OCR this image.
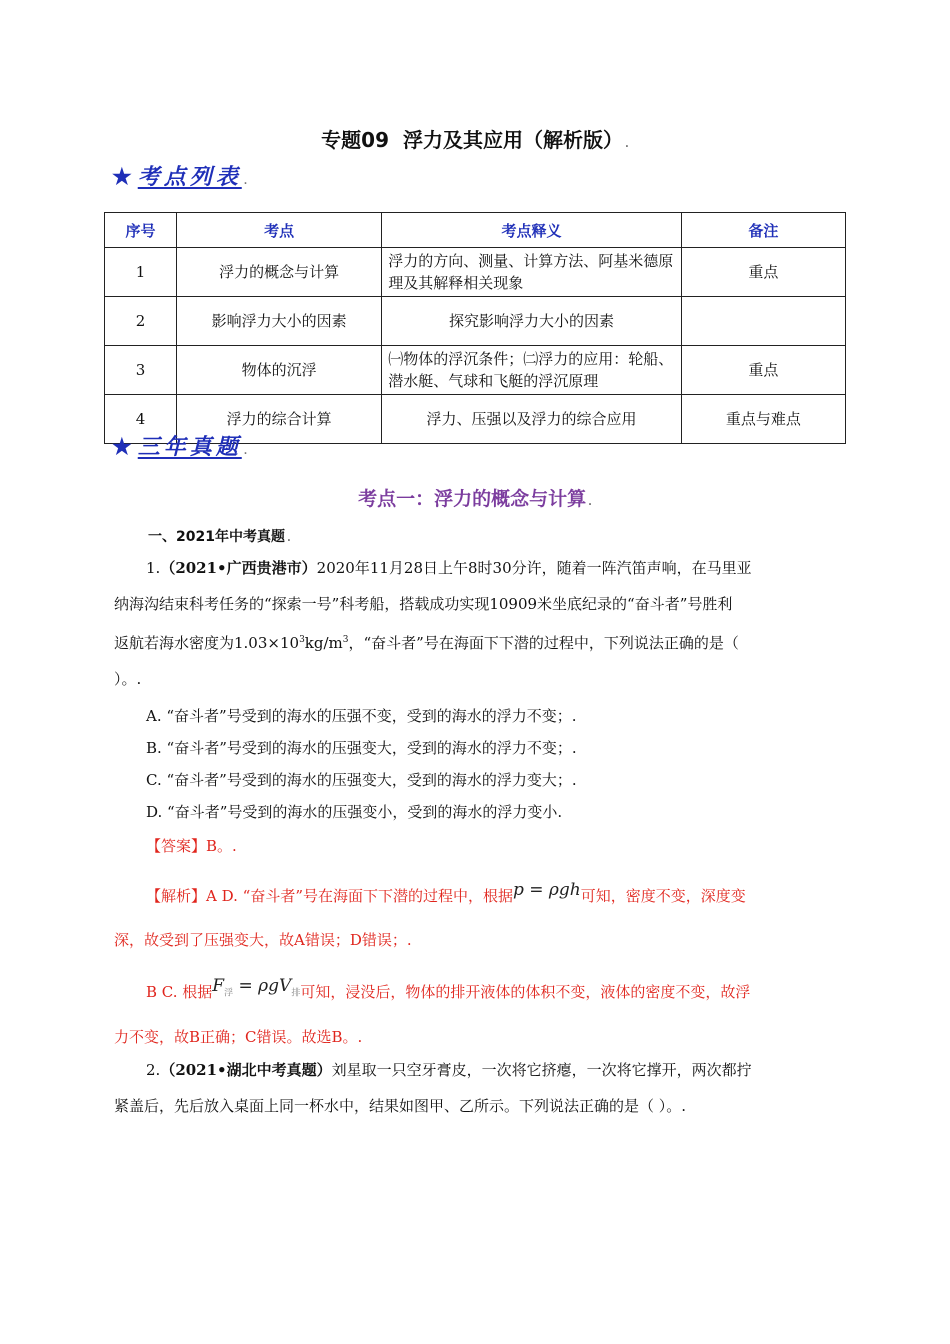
专题09 浮力及其应用（解析版） .
★考点列表 .
序号	考点	考点释义	备注
1	浮力的概念与计算	浮力的方向、测量、计算方法、阿基米德原理及其解释相关现象	重点
2	影响浮力大小的因素	探究影响浮力大小的因素	
3	物体的沉浮	㈠物体的浮沉条件；㈡浮力的应用：轮船、潜水艇、气球和飞艇的浮沉原理	重点
4	浮力的综合计算	浮力、压强以及浮力的综合应用	重点与难点
★三年真题 .
考点一：浮力的概念与计算 .
一、2021年中考真题 .
1.（2021•广西贵港市）2020年11月28日上午8时30分许，随着一阵汽笛声响，在马里亚
纳海沟结束科考任务的“探索一号”科考船，搭载成功实现10909米坐底纪录的“奋斗者”号胜利
返航若海水密度为$1.03\times 10^3kg/m^3$，“奋斗者”号在海面下下潜的过程中，下列说法正确的是（
）。.
A. “奋斗者”号受到的海水的压强不变，受到的海水的浮力不变；.
B. “奋斗者”号受到的海水的压强变大，受到的海水的浮力不变；.
C. “奋斗者”号受到的海水的压强变大，受到的海水的浮力变大；.
D. “奋斗者”号受到的海水的压强变小，受到的海水的浮力变小.
【答案】B。.
【解析】A D. “奋斗者”号在海面下下潜的过程中，根据p = ρgh可知，密度不变，深度变
深，故受到了压强变大，故A错误；D错误；.
B C. 根据$F_浮 = \rho gV_排$可知，浸没后，物体的排开液体的体积不变，液体的密度不变，故浮
力不变，故B正确；C错误。故选B。.
2.（2021•湖北中考真题）刘星取一只空牙膏皮，一次将它挤瘪，一次将它撑开，两次都拧
紧盖后，先后放入桌面上同一杯水中，结果如图甲、乙所示。下列说法正确的是（ ）。.
